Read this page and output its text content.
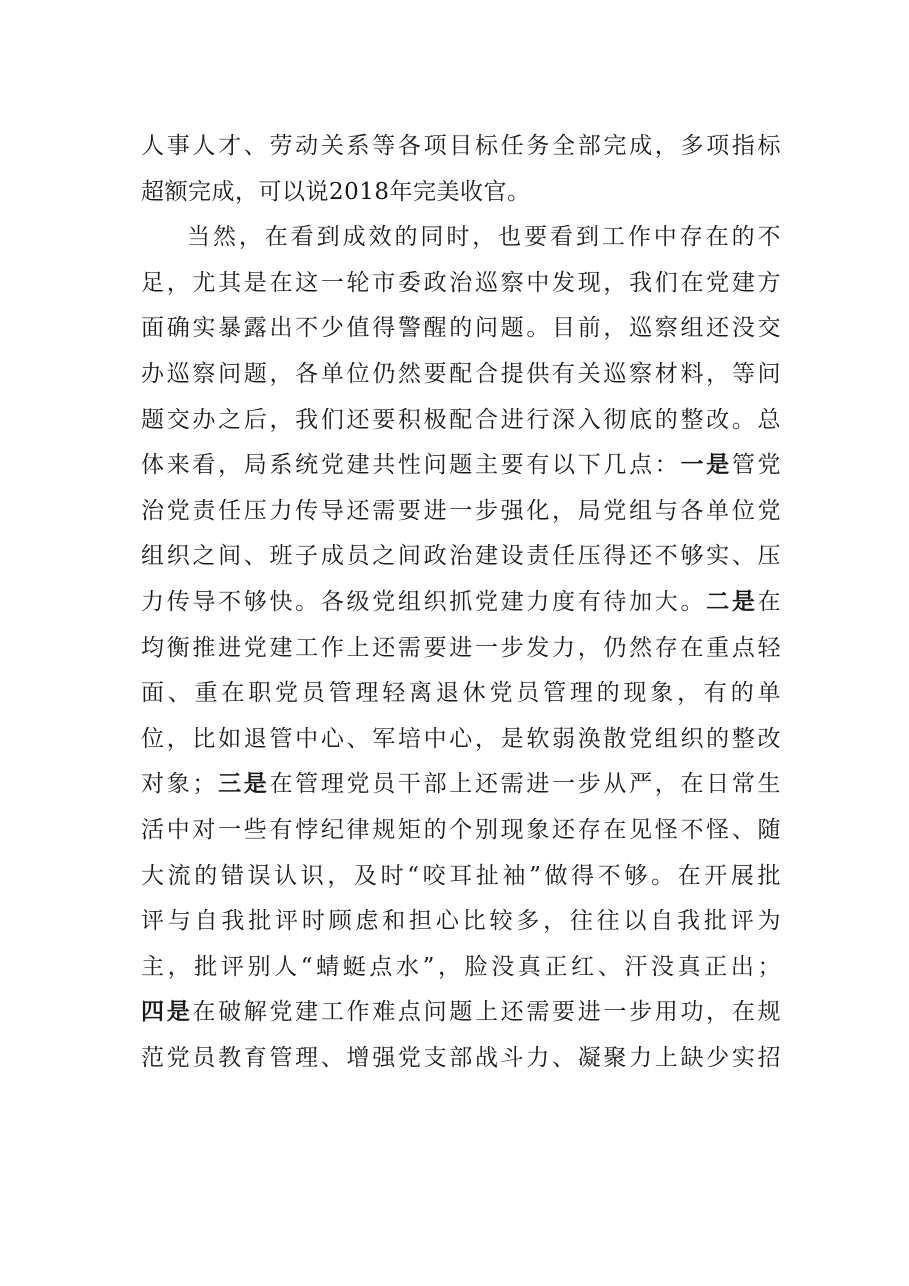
人事人才、劳动关系等各项目标任务全部完成，多项指标
超额完成，可以说2018年完美收官。
当然，在看到成效的同时，也要看到工作中存在的不
足，尤其是在这一轮市委政治巡察中发现，我们在党建方
面确实暴露出不少值得警醒的问题。目前，巡察组还没交
办巡察问题，各单位仍然要配合提供有关巡察材料，等问
题交办之后，我们还要积极配合进行深入彻底的整改。总
体来看，局系统党建共性问题主要有以下几点：一是管党
治党责任压力传导还需要进一步强化，局党组与各单位党
组织之间、班子成员之间政治建设责任压得还不够实、压
力传导不够快。各级党组织抓党建力度有待加大。二是在
均衡推进党建工作上还需要进一步发力，仍然存在重点轻
面、重在职党员管理轻离退休党员管理的现象，有的单
位，比如退管中心、军培中心，是软弱涣散党组织的整改
对象；三是在管理党员干部上还需进一步从严，在日常生
活中对一些有悖纪律规矩的个别现象还存在见怪不怪、随
大流的错误认识，及时“咬耳扯袖”做得不够。在开展批
评与自我批评时顾虑和担心比较多，往往以自我批评为
主，批评别人“蜻蜓点水”，脸没真正红、汗没真正出；
四是在破解党建工作难点问题上还需要进一步用功，在规
范党员教育管理、增强党支部战斗力、凝聚力上缺少实招
